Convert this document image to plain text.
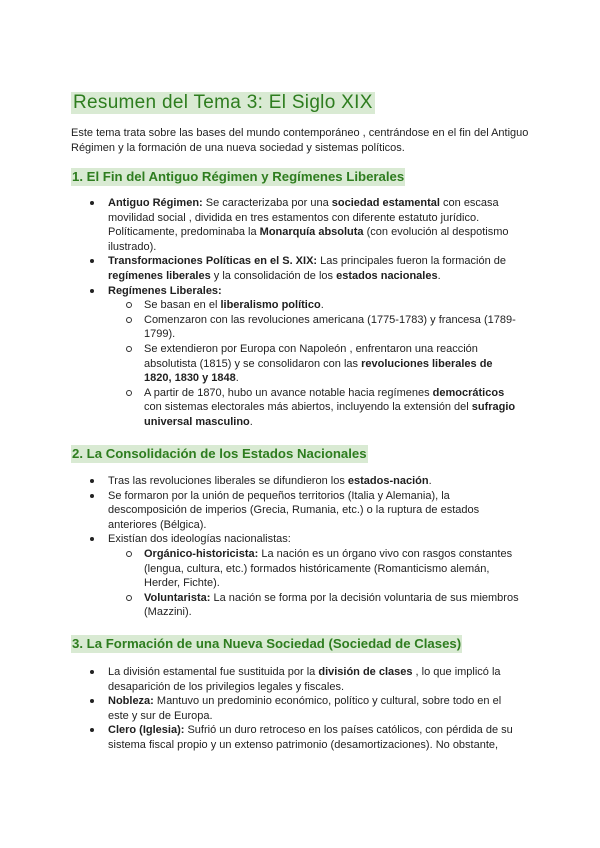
Resumen del Tema 3: El Siglo XIX
Este tema trata sobre las bases del mundo contemporáneo , centrándose en el fin del Antiguo Régimen y la formación de una nueva sociedad y sistemas políticos.
1. El Fin del Antiguo Régimen y Regímenes Liberales
Antiguo Régimen: Se caracterizaba por una sociedad estamental con escasa movilidad social , dividida en tres estamentos con diferente estatuto jurídico. Políticamente, predominaba la Monarquía absoluta (con evolución al despotismo ilustrado).
Transformaciones Políticas en el S. XIX: Las principales fueron la formación de regímenes liberales y la consolidación de los estados nacionales.
Regímenes Liberales:
Se basan en el liberalismo político.
Comenzaron con las revoluciones americana (1775-1783) y francesa (1789-1799).
Se extendieron por Europa con Napoleón , enfrentaron una reacción absolutista (1815) y se consolidaron con las revoluciones liberales de 1820, 1830 y 1848.
A partir de 1870, hubo un avance notable hacia regímenes democráticos con sistemas electorales más abiertos, incluyendo la extensión del sufragio universal masculino.
2. La Consolidación de los Estados Nacionales
Tras las revoluciones liberales se difundieron los estados-nación.
Se formaron por la unión de pequeños territorios (Italia y Alemania), la descomposición de imperios (Grecia, Rumania, etc.) o la ruptura de estados anteriores (Bélgica).
Existían dos ideologías nacionalistas:
Orgánico-historicista: La nación es un órgano vivo con rasgos constantes (lengua, cultura, etc.) formados históricamente (Romanticismo alemán, Herder, Fichte).
Voluntarista: La nación se forma por la decisión voluntaria de sus miembros (Mazzini).
3. La Formación de una Nueva Sociedad (Sociedad de Clases)
La división estamental fue sustituida por la división de clases , lo que implicó la desaparición de los privilegios legales y fiscales.
Nobleza: Mantuvo un predominio económico, político y cultural, sobre todo en el este y sur de Europa.
Clero (Iglesia): Sufrió un duro retroceso en los países católicos, con pérdida de su sistema fiscal propio y un extenso patrimonio (desamortizaciones). No obstante,
